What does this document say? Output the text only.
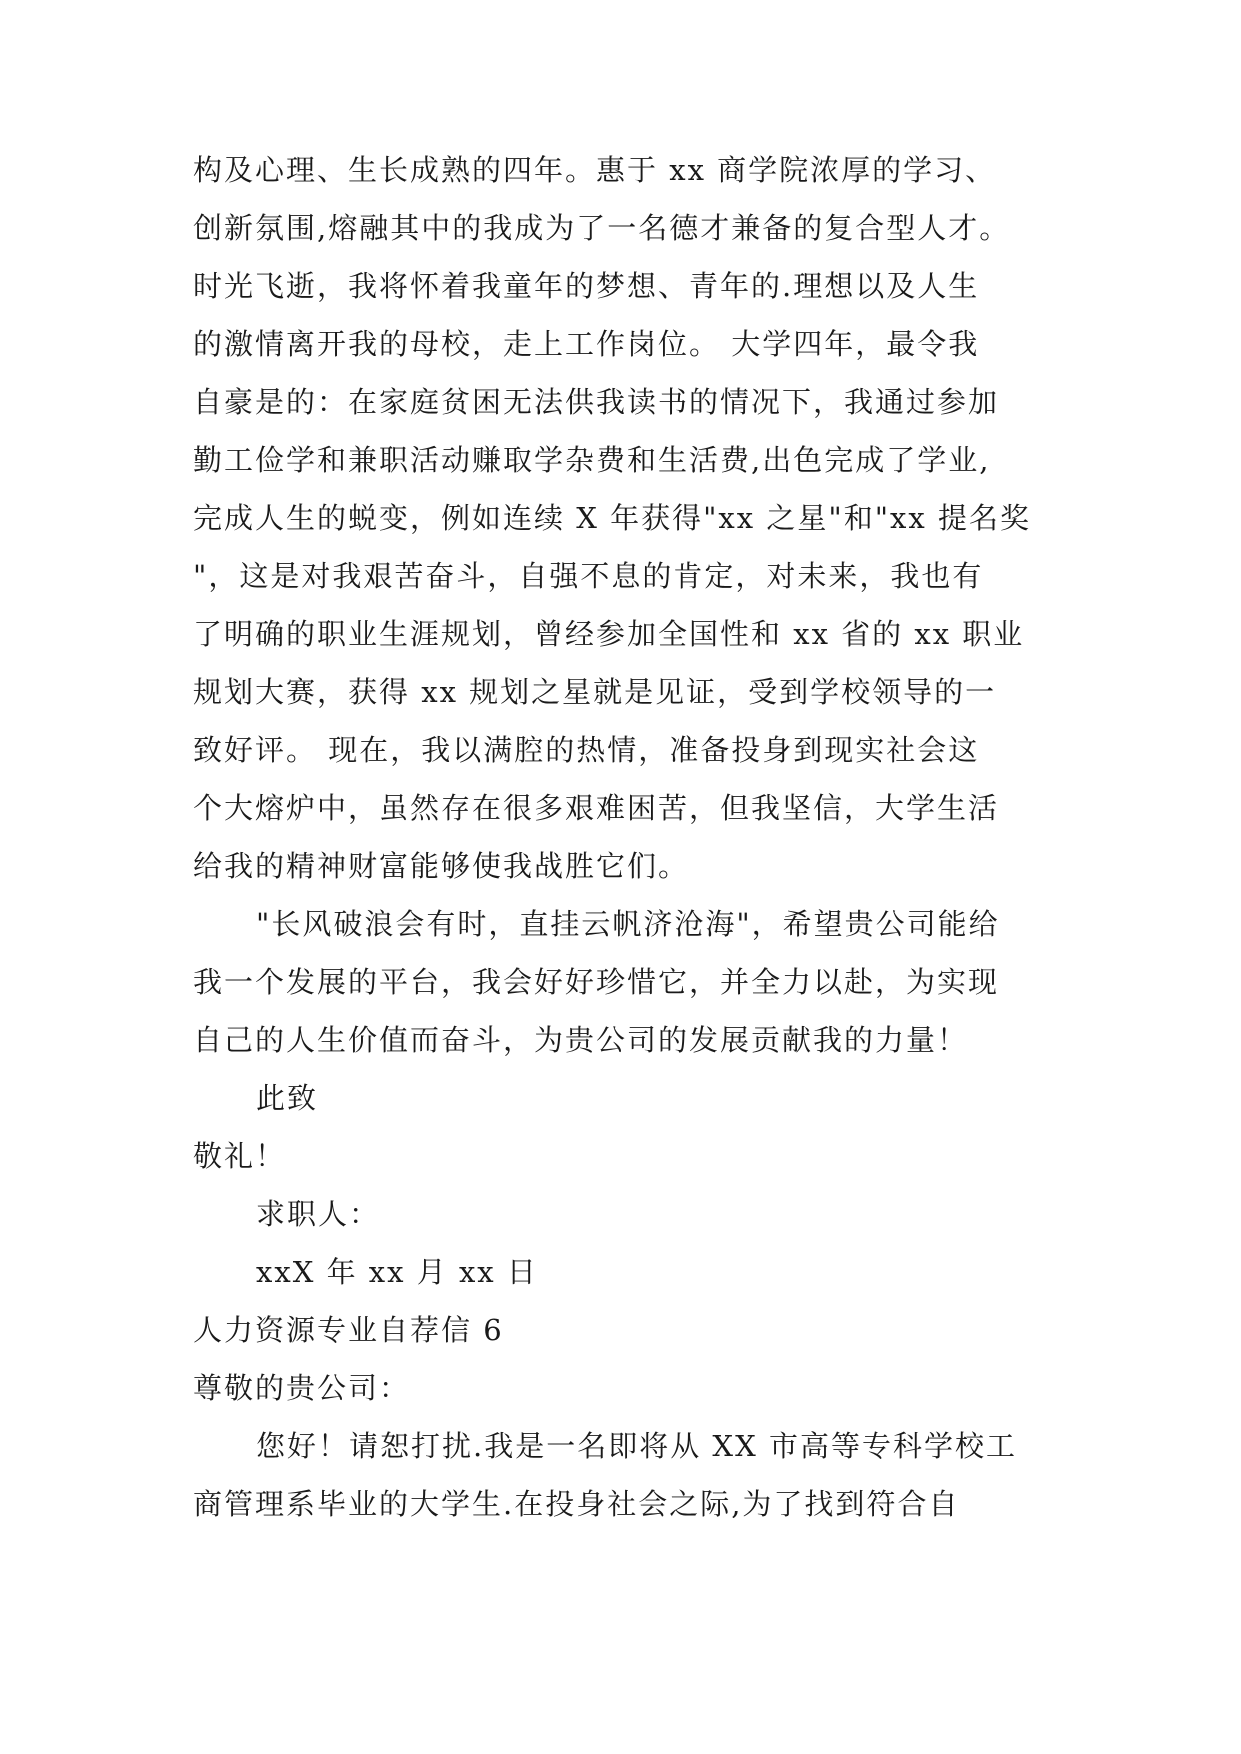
构及心理、生长成熟的四年。惠于 xx 商学院浓厚的学习、
创新氛围,熔融其中的我成为了一名德才兼备的复合型人才。
时光飞逝，我将怀着我童年的梦想、青年的.理想以及人生
的激情离开我的母校，走上工作岗位。 大学四年，最令我
自豪是的：在家庭贫困无法供我读书的情况下，我通过参加
勤工俭学和兼职活动赚取学杂费和生活费,出色完成了学业,
完成人生的蜕变，例如连续 X 年获得"xx 之星"和"xx 提名奖
"，这是对我艰苦奋斗，自强不息的肯定，对未来，我也有
了明确的职业生涯规划，曾经参加全国性和 xx 省的 xx 职业
规划大赛，获得 xx 规划之星就是见证，受到学校领导的一
致好评。 现在，我以满腔的热情，准备投身到现实社会这
个大熔炉中，虽然存在很多艰难困苦，但我坚信，大学生活
给我的精神财富能够使我战胜它们。
"长风破浪会有时，直挂云帆济沧海"，希望贵公司能给
我一个发展的平台，我会好好珍惜它，并全力以赴，为实现
自己的人生价值而奋斗，为贵公司的发展贡献我的力量！
此致
敬礼！
求职人：
xxX 年 xx 月 xx 日
人力资源专业自荐信 6
尊敬的贵公司：
您好！请恕打扰.我是一名即将从 XX 市高等专科学校工
商管理系毕业的大学生.在投身社会之际,为了找到符合自
